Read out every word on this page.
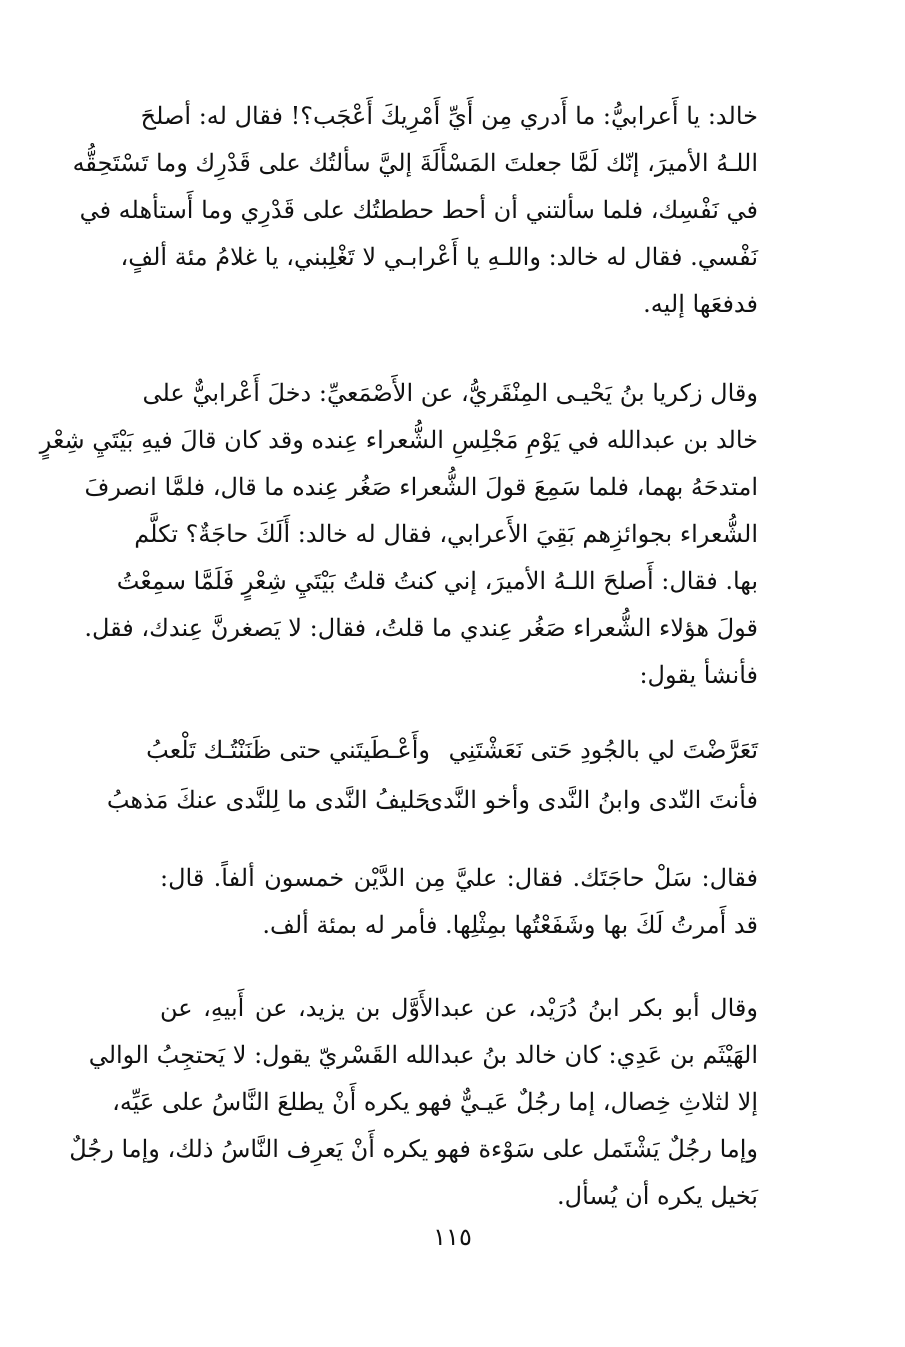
خالد: يا أَعرابيُّ: ما أَدري مِن أَيِّ أَمْرِيكَ أَعْجَب؟! فقال له: أصلحَ
اللـهُ الأميرَ، إنّك لَمَّا جعلتَ المَسْأَلَةَ إليَّ سألتُك على قَدْرِك وما تَسْتَحِقُّه
في نَفْسِك، فلما سألتني أن أحط حططتُك على قَدْرِي وما أَستأهله في
نَفْسي. فقال له خالد: واللـهِ يا أَعْرابـي لا تَغْلِبني، يا غلامُ مئة ألفٍ،
فدفعَها إليه.
وقال زكريا بنُ يَحْيـى المِنْقَريُّ، عن الأَصْمَعيِّ: دخلَ أَعْرابيٌّ على
خالد بن عبدالله في يَوْمِ مَجْلِسِ الشُّعراء عِنده وقد كان قالَ فيهِ بَيْتَيِ شِعْرٍ
امتدحَهُ بهما، فلما سَمِعَ قولَ الشُّعراء صَغُر عِنده ما قال، فلمَّا انصرفَ
الشُّعراء بجوائزِهم بَقِيَ الأَعرابي، فقال له خالد: أَلَكَ حاجَةٌ؟ تكلَّم
بها. فقال: أَصلحَ اللـهُ الأميرَ، إني كنتُ قلتُ بَيْتَيِ شِعْرٍ فَلَمَّا سمِعْتُ
قولَ هؤلاء الشُّعراء صَغُر عِندي ما قلتُ، فقال: لا يَصغرنَّ عِندك، فقل.
فأنشأ يقول:
تَعَرَّضْتَ لي بالجُودِ حَتى نَعَشْتَنِي
وأَعْـطَيتَني حتى ظَنَنْتُـك تَلْعبُ
فأنتَ النّدى وابنُ النَّدى وأخو النَّدى
حَليفُ النَّدى ما لِلنَّدى عنكَ مَذهبُ
فقال: سَلْ حاجَتَك. فقال: عليَّ مِن الدَّيْن خمسون ألفاً. قال:
قد أَمرتُ لَكَ بها وشَفَعْتُها بمِثْلِها. فأمر له بمئة ألف.
وقال أبو بكر ابنُ دُرَيْد، عن عبدالأَوَّل بن يزيد، عن أَبيهِ، عن
الهَيْثَم بن عَدِي: كان خالد بنُ عبدالله القَسْريّ يقول: لا يَحتجِبُ الوالي
إلا لثلاثِ خِصال، إما رجُلٌ عَيـيٌّ فهو يكره أَنْ يطلعَ النَّاسُ على عَيِّه،
وإما رجُلٌ يَشْتَمل على سَوْءة فهو يكره أَنْ يَعرِف النَّاسُ ذلك، وإما رجُلٌ
بَخيل يكره أن يُسأل.
١١٥
